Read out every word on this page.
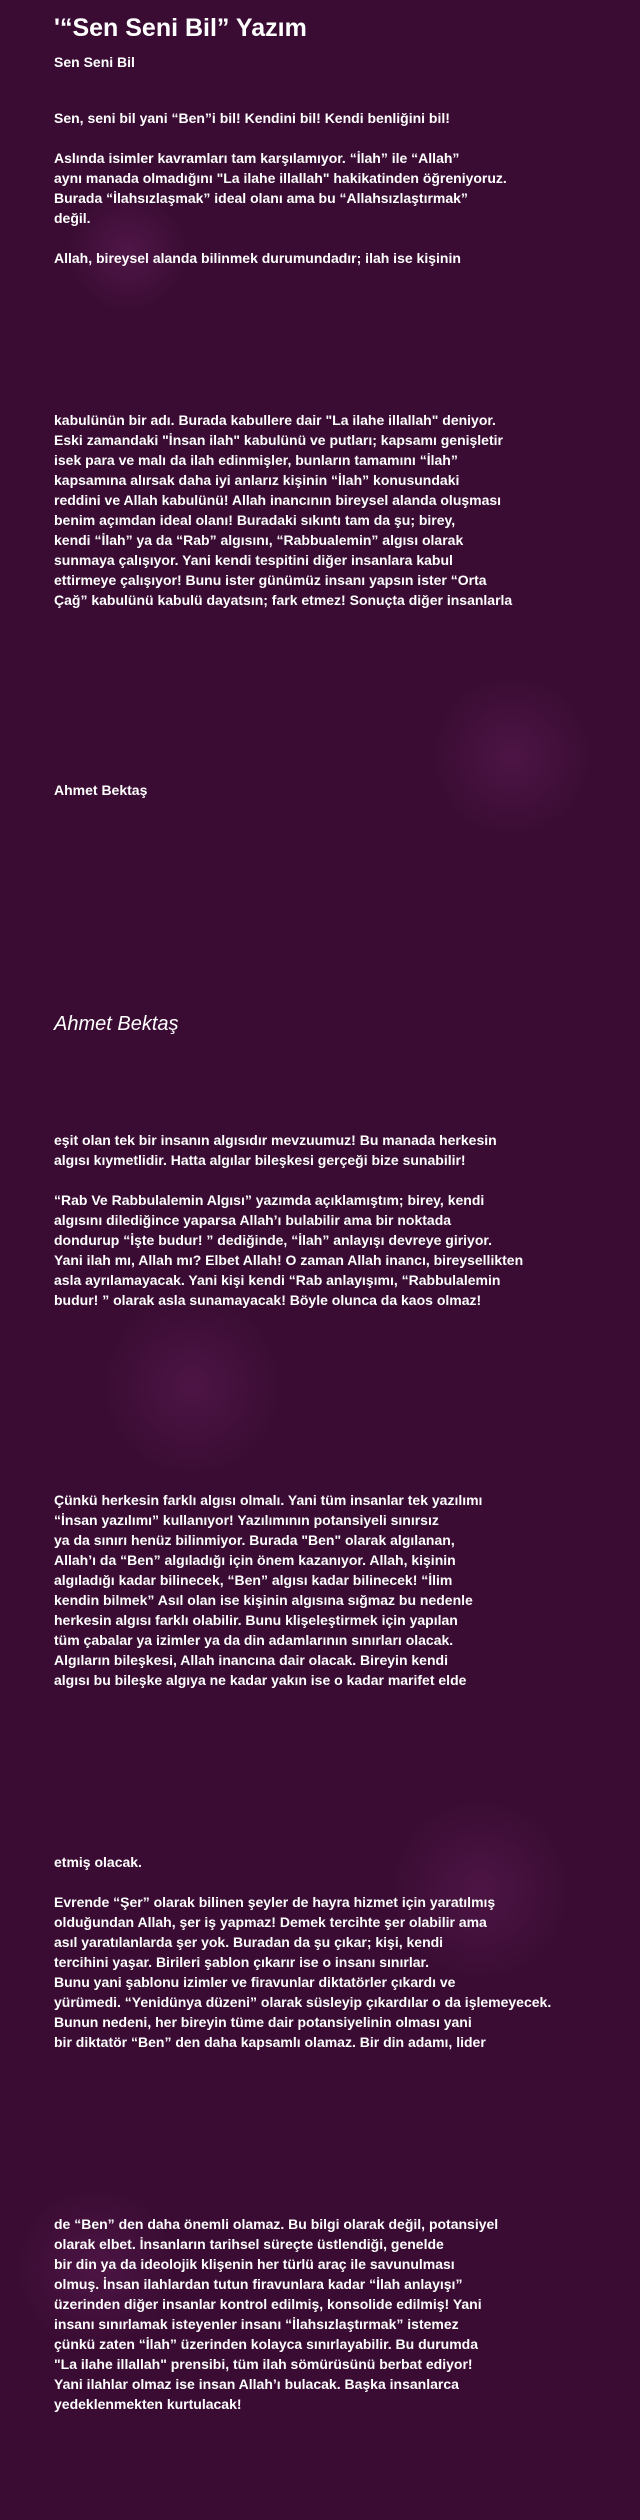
'“Sen Seni Bil” Yazım
Sen Seni Bil
Sen, seni bil yani “Ben”i bil! Kendini bil! Kendi benliğini bil!
Aslında isimler kavramları tam karşılamıyor. “İlah” ile “Allah”
aynı manada olmadığını "La ilahe illallah" hakikatinden öğreniyoruz.
Burada “İlahsızlaşmak” ideal olanı ama bu “Allahsızlaştırmak”
değil.
Allah, bireysel alanda bilinmek durumundadır; ilah ise kişinin
kabulünün bir adı. Burada kabullere dair "La ilahe illallah" deniyor.
Eski zamandaki "İnsan ilah" kabulünü ve putları; kapsamı genişletir
isek para ve malı da ilah edinmişler, bunların tamamını “İlah”
kapsamına alırsak daha iyi anlarız kişinin “İlah” konusundaki
reddini ve Allah kabulünü! Allah inancının bireysel alanda oluşması
benim açımdan ideal olanı! Buradaki sıkıntı tam da şu; birey,
kendi “İlah” ya da “Rab” algısını, “Rabbualemin” algısı olarak
sunmaya çalışıyor. Yani kendi tespitini diğer insanlara kabul
ettirmeye çalışıyor! Bunu ister günümüz insanı yapsın ister “Orta
Çağ” kabulünü kabulü dayatsın; fark etmez! Sonuçta diğer insanlarla
Ahmet Bektaş
Ahmet Bektaş
eşit olan tek bir insanın algısıdır mevzuumuz! Bu manada herkesin
algısı kıymetlidir. Hatta algılar bileşkesi gerçeği bize sunabilir!
“Rab Ve Rabbulalemin Algısı” yazımda açıklamıştım; birey, kendi
algısını dilediğince yaparsa Allah’ı bulabilir ama bir noktada
dondurup “İşte budur! ” dediğinde, “İlah” anlayışı devreye giriyor.
Yani ilah mı, Allah mı? Elbet Allah! O zaman Allah inancı, bireysellikten
asla ayrılamayacak. Yani kişi kendi “Rab anlayışımı, “Rabbulalemin
budur! ” olarak asla sunamayacak! Böyle olunca da kaos olmaz!
Çünkü herkesin farklı algısı olmalı. Yani tüm insanlar tek yazılımı
“İnsan yazılımı” kullanıyor! Yazılımının potansiyeli sınırsız
ya da sınırı henüz bilinmiyor. Burada "Ben" olarak algılanan,
Allah’ı da “Ben” algıladığı için önem kazanıyor. Allah, kişinin
algıladığı kadar bilinecek, “Ben” algısı kadar bilinecek! “İlim
kendin bilmek” Asıl olan ise kişinin algısına sığmaz bu nedenle
herkesin algısı farklı olabilir. Bunu klişeleştirmek için yapılan
tüm çabalar ya izimler ya da din adamlarının sınırları olacak.
Algıların bileşkesi, Allah inancına dair olacak. Bireyin kendi
algısı bu bileşke algıya ne kadar yakın ise o kadar marifet elde
etmiş olacak.
Evrende “Şer” olarak bilinen şeyler de hayra hizmet için yaratılmış
olduğundan Allah, şer iş yapmaz! Demek tercihte şer olabilir ama
asıl yaratılanlarda şer yok. Buradan da şu çıkar; kişi, kendi
tercihini yaşar. Birileri şablon çıkarır ise o insanı sınırlar.
Bunu yani şablonu izimler ve firavunlar diktatörler çıkardı ve
yürümedi. “Yenidünya düzeni” olarak süsleyip çıkardılar o da işlemeyecek.
Bunun nedeni, her bireyin tüme dair potansiyelinin olması yani
bir diktatör “Ben” den daha kapsamlı olamaz. Bir din adamı, lider
de “Ben” den daha önemli olamaz. Bu bilgi olarak değil, potansiyel
olarak elbet. İnsanların tarihsel süreçte üstlendiği, genelde
bir din ya da ideolojik klişenin her türlü araç ile savunulması
olmuş. İnsan ilahlardan tutun firavunlara kadar “İlah anlayışı”
üzerinden diğer insanlar kontrol edilmiş, konsolide edilmiş! Yani
insanı sınırlamak isteyenler insanı “İlahsızlaştırmak” istemez
çünkü zaten “İlah” üzerinden kolayca sınırlayabilir. Bu durumda
"La ilahe illallah" prensibi, tüm ilah sömürüsünü berbat ediyor!
Yani ilahlar olmaz ise insan Allah’ı bulacak. Başka insanlarca
yedeklenmekten kurtulacak!
